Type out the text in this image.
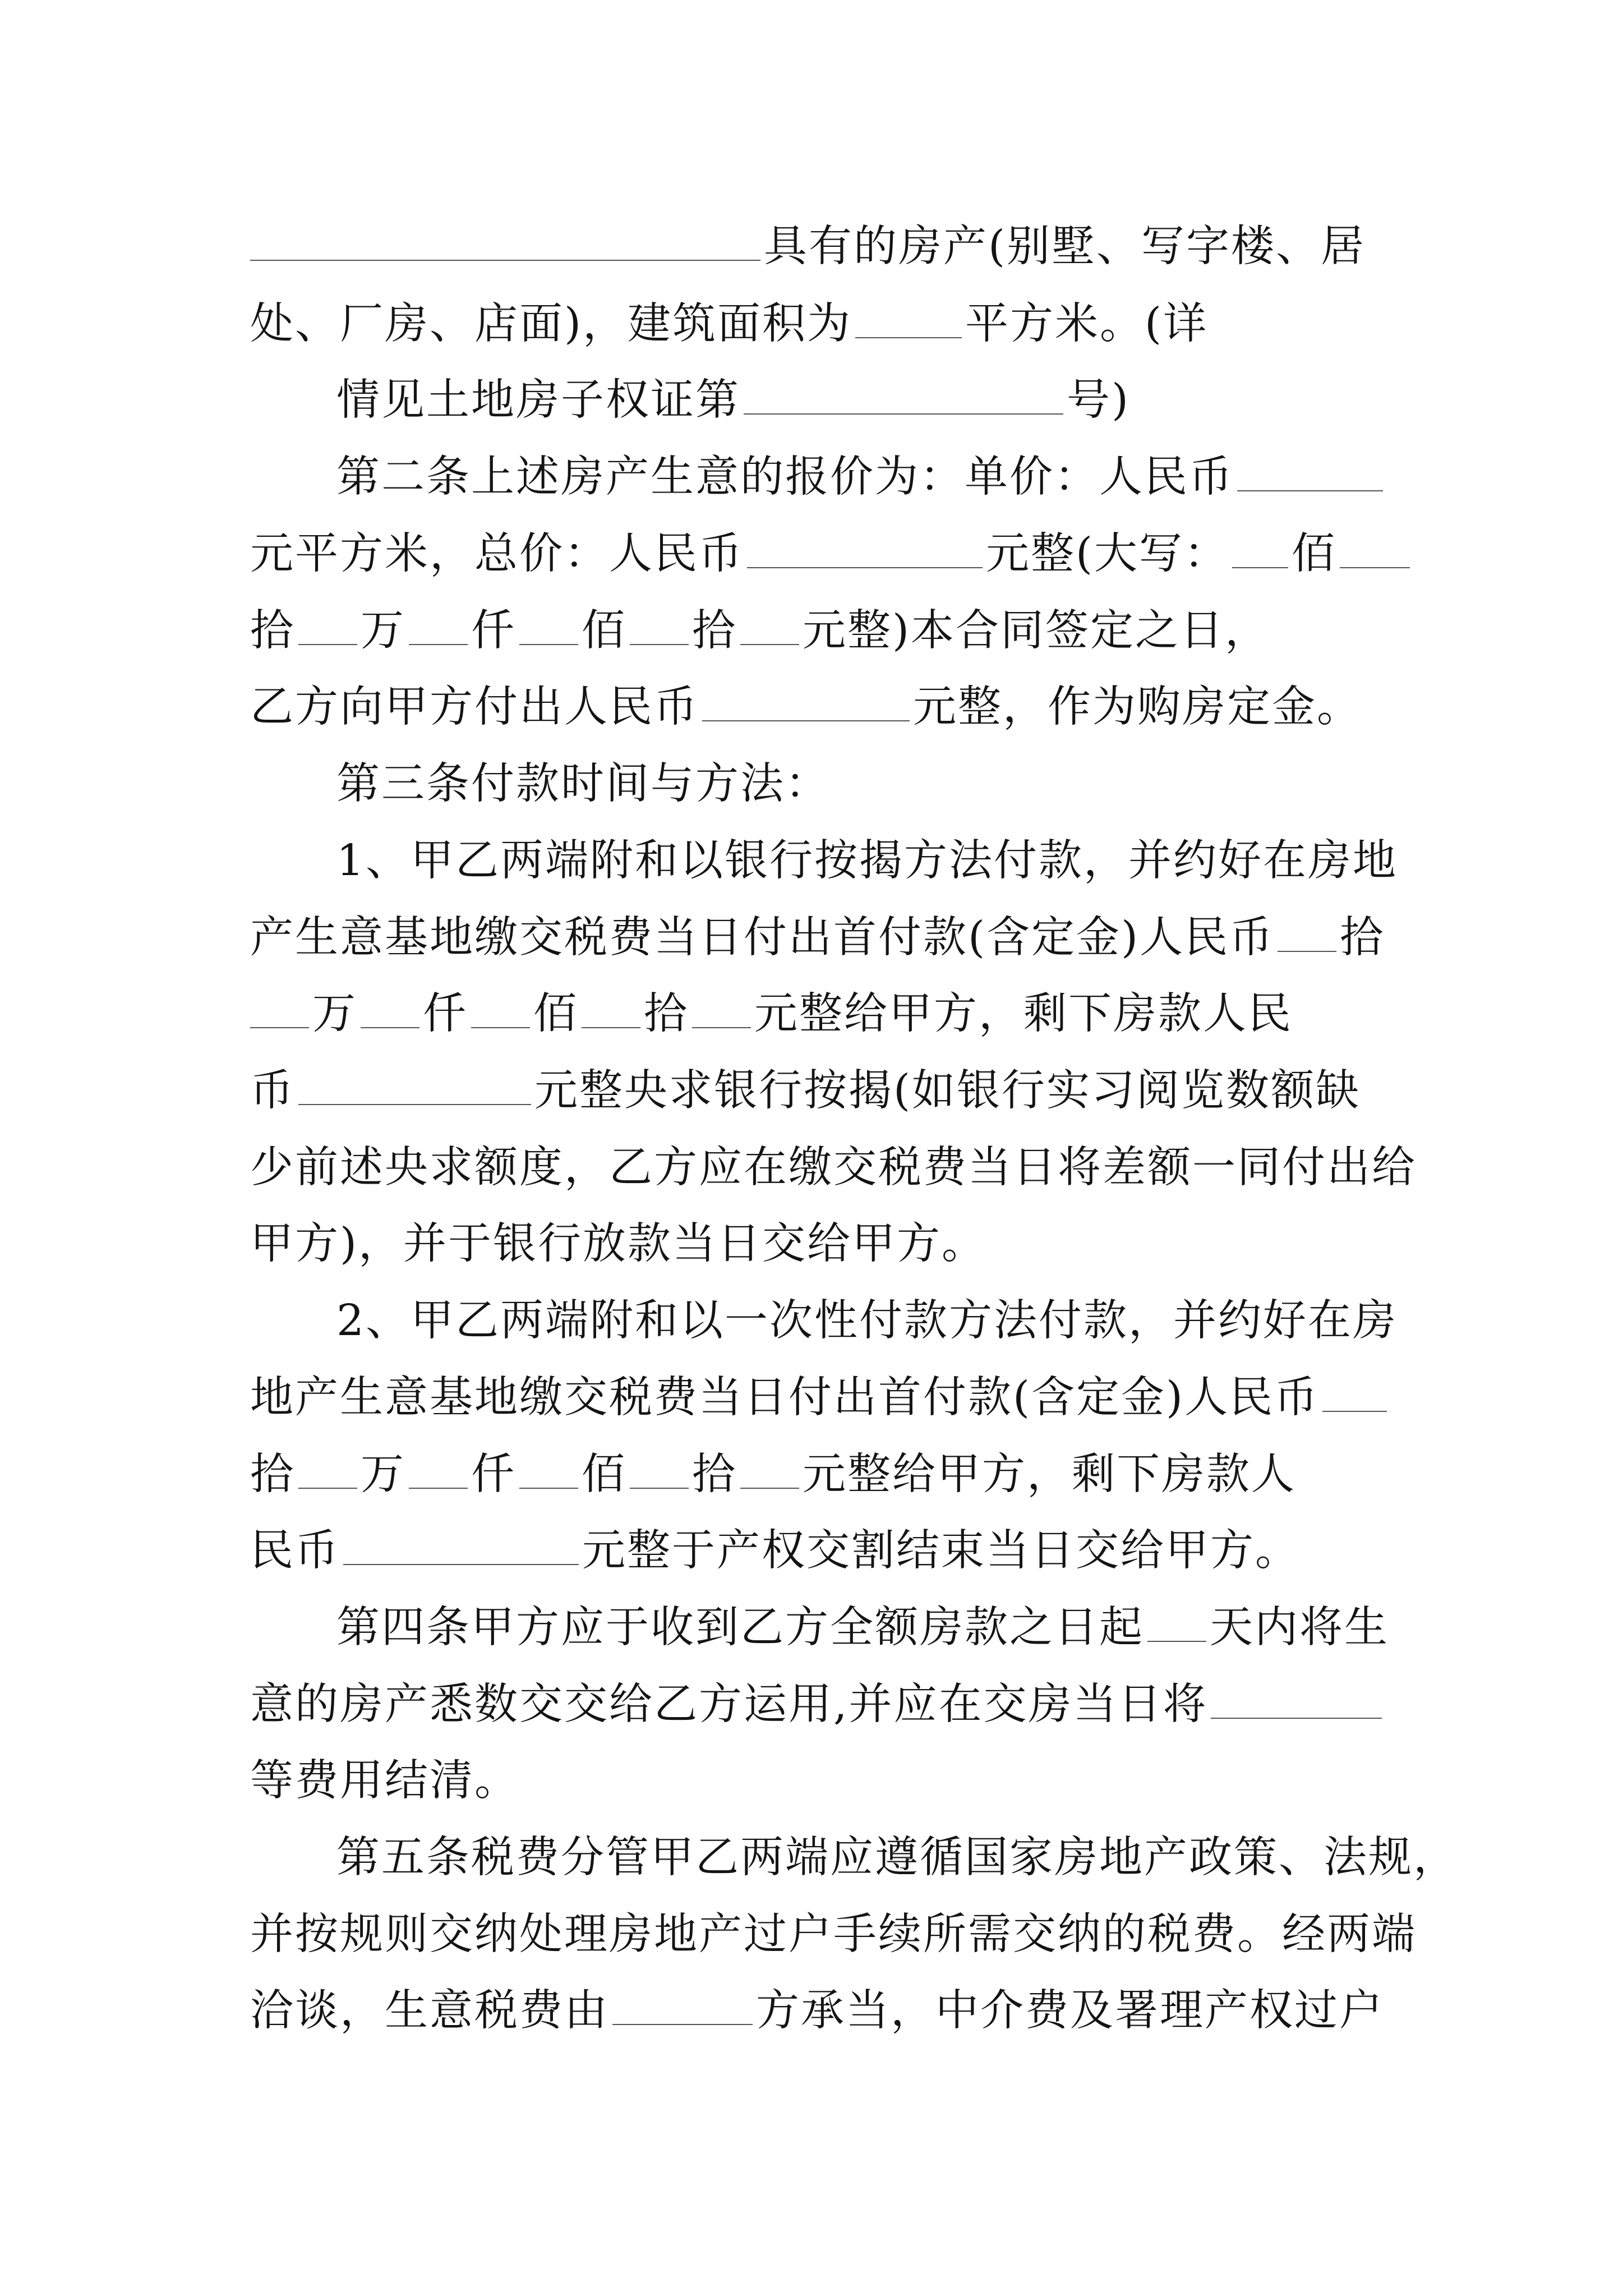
具有的房产(别墅、写字楼、居
处、厂房、店面)，建筑面积为	平方米。(详
情见土地房子权证第	号)
第二条上述房产生意的报价为：单价：人民币
元平方米，总价：人民币	元整(大写： 佰
拾 万 仟 佰 拾 元整)本合同签定之日，
乙方向甲方付出人民币	元整，作为购房定金。
第三条付款时间与方法：
1、甲乙两端附和以银行按揭方法付款，并约好在房地
产生意基地缴交税费当日付出首付款(含定金)人民币 拾
万 仟 佰 拾 元整给甲方，剩下房款人民
币	元整央求银行按揭(如银行实习阅览数额缺
少前述央求额度，乙方应在缴交税费当日将差额一同付出给
甲方)，并于银行放款当日交给甲方。
2、甲乙两端附和以一次性付款方法付款，并约好在房
地产生意基地缴交税费当日付出首付款(含定金)人民币
拾 万 仟 佰 拾 元整给甲方，剩下房款人
民币	元整于产权交割结束当日交给甲方。
第四条甲方应于收到乙方全额房款之日起 天内将生
意的房产悉数交交给乙方运用,并应在交房当日将
等费用结清。
第五条税费分管甲乙两端应遵循国家房地产政策、法规，
并按规则交纳处理房地产过户手续所需交纳的税费。经两端
洽谈，生意税费由	方承当，中介费及署理产权过户
